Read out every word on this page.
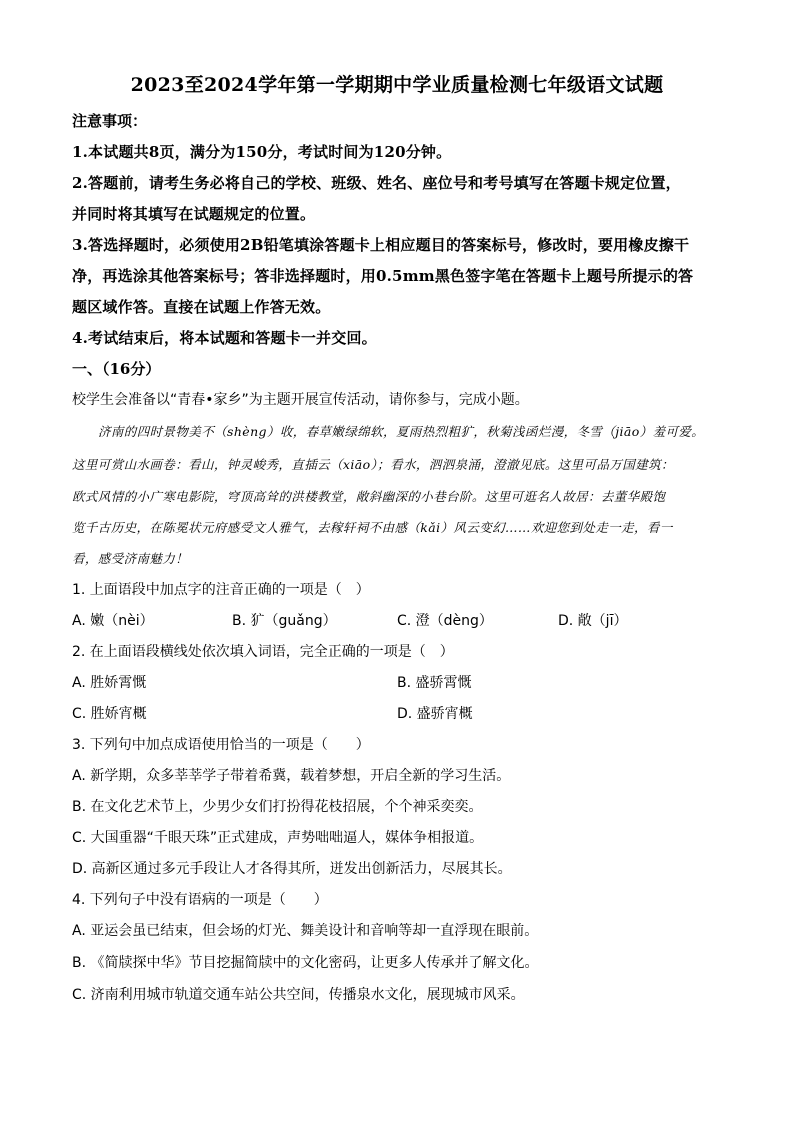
2023至2024学年第一学期期中学业质量检测七年级语文试题
注意事项：
1.本试题共8页，满分为150分，考试时间为120分钟。
2.答题前，请考生务必将自己的学校、班级、姓名、座位号和考号填写在答题卡规定位置，
并同时将其填写在试题规定的位置。
3.答选择题时，必须使用2B铅笔填涂答题卡上相应题目的答案标号，修改时，要用橡皮擦干
净，再选涂其他答案标号；答非选择题时，用0.5mm黑色签字笔在答题卡上题号所提示的答
题区域作答。直接在试题上作答无效。
4.考试结束后，将本试题和答题卡一并交回。
一、（16分）
校学生会准备以“青春•家乡”为主题开展宣传活动，请你参与，完成小题。
济南的四时景物美不（shèng）收，春草嫩绿绵软，夏雨热烈粗犷，秋菊浅函烂漫，冬雪（jiāo）羞可爱。
这里可赏山水画卷：看山，钟灵峻秀，直插云（xiāo）；看水，泗泗泉涌，澄澈见底。这里可品万国建筑：
欧式风情的小广寒电影院，穹顶高耸的洪楼教堂，敞斜幽深的小巷台阶。这里可逛名人故居：去董华殿饱
览千古历史，在陈冕状元府感受文人雅气，去稼轩祠不由感（kǎi）风云变幻……欢迎您到处走一走，看一
看，感受济南魅力！
1. 上面语段中加点字的注音正确的一项是（　）
A. 嫩（nèi）	B. 犷（guǎng）	C. 澄（dèng）	D. 敞（jī）
2. 在上面语段横线处依次填入词语，完全正确的一项是（　）
A. 胜娇霄慨	B. 盛骄霄慨
C. 胜娇宵概	D. 盛骄宵概
3. 下列句中加点成语使用恰当的一项是（　　）
A. 新学期，众多莘莘学子带着希冀，载着梦想，开启全新的学习生活。
B. 在文化艺术节上，少男少女们打扮得花枝招展，个个神采奕奕。
C. 大国重器“千眼天珠”正式建成，声势咄咄逼人，媒体争相报道。
D. 高新区通过多元手段让人才各得其所，迸发出创新活力，尽展其长。
4. 下列句子中没有语病的一项是（　　）
A. 亚运会虽已结束，但会场的灯光、舞美设计和音响等却一直浮现在眼前。
B. 《简牍探中华》节目挖掘简牍中的文化密码，让更多人传承并了解文化。
C. 济南利用城市轨道交通车站公共空间，传播泉水文化，展现城市风采。
